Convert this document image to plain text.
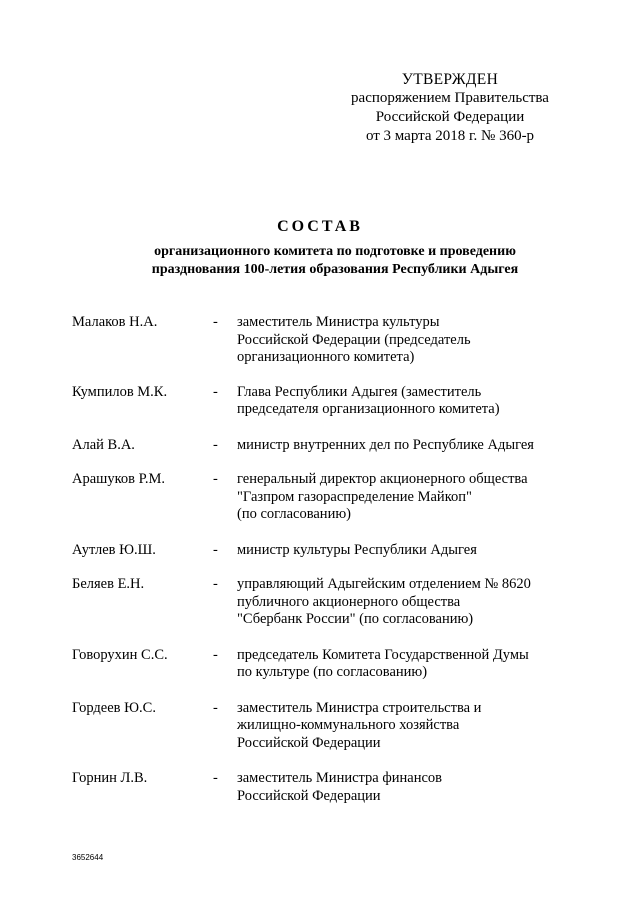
УТВЕРЖДЕН
распоряжением Правительства
Российской Федерации
от 3 марта 2018 г. № 360-р
СОСТАВ
организационного комитета по подготовке и проведению
празднования 100-летия образования Республики Адыгея
Малаков Н.А.	- заместитель Министра культуры
Российской Федерации (председатель
организационного комитета)
Кумпилов М.К.	- Глава Республики Адыгея (заместитель
председателя организационного комитета)
Алай В.А.	- министр внутренних дел по Республике Адыгея
Арашуков Р.М.	- генеральный директор акционерного общества
"Газпром газораспределение Майкоп"
(по согласованию)
Аутлев Ю.Ш.	- министр культуры Республики Адыгея
Беляев Е.Н.	- управляющий Адыгейским отделением № 8620
публичного акционерного общества
"Сбербанк России" (по согласованию)
Говорухин С.С.	- председатель Комитета Государственной Думы
по культуре (по согласованию)
Гордеев Ю.С.	- заместитель Министра строительства и
жилищно-коммунального хозяйства
Российской Федерации
Горнин Л.В.	- заместитель Министра финансов
Российской Федерации
3652644
